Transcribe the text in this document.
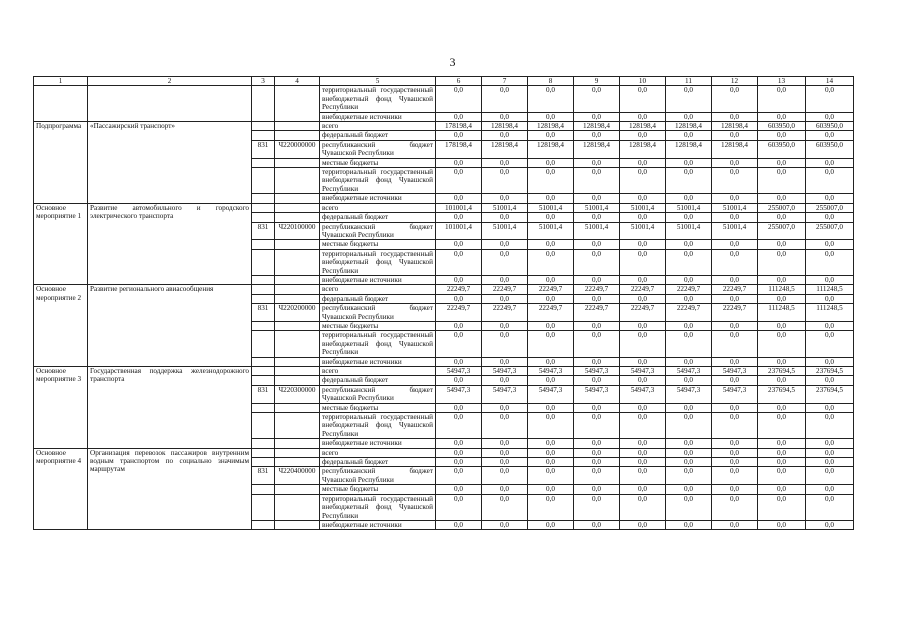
3
1	2	3	4	5	6	7	8	9	10	11	12	13	14
				территориальный государственный внебюджетный фонд Чувашской Республики	0,0	0,0	0,0	0,0	0,0	0,0	0,0	0,0	0,0
				внебюджетные источники	0,0	0,0	0,0	0,0	0,0	0,0	0,0	0,0	0,0
Подпрограмма	«Пассажирский транспорт»			всего	178198,4	128198,4	128198,4	128198,4	128198,4	128198,4	128198,4	603950,0	603950,0
				федеральный бюджет	0,0	0,0	0,0	0,0	0,0	0,0	0,0	0,0	0,0
		831	Ч220000000	республиканский бюджет Чувашской Республики	178198,4	128198,4	128198,4	128198,4	128198,4	128198,4	128198,4	603950,0	603950,0
				местные бюджеты	0,0	0,0	0,0	0,0	0,0	0,0	0,0	0,0	0,0
				территориальный государственный внебюджетный фонд Чувашской Республики	0,0	0,0	0,0	0,0	0,0	0,0	0,0	0,0	0,0
				внебюджетные источники	0,0	0,0	0,0	0,0	0,0	0,0	0,0	0,0	0,0
Основное мероприятие 1	Развитие автомобильного и городского электрического транспорта			всего	101001,4	51001,4	51001,4	51001,4	51001,4	51001,4	51001,4	255007,0	255007,0
				федеральный бюджет	0,0	0,0	0,0	0,0	0,0	0,0	0,0	0,0	0,0
		831	Ч220100000	республиканский бюджет Чувашской Республики	101001,4	51001,4	51001,4	51001,4	51001,4	51001,4	51001,4	255007,0	255007,0
				местные бюджеты	0,0	0,0	0,0	0,0	0,0	0,0	0,0	0,0	0,0
				территориальный государственный внебюджетный фонд Чувашской Республики	0,0	0,0	0,0	0,0	0,0	0,0	0,0	0,0	0,0
				внебюджетные источники	0,0	0,0	0,0	0,0	0,0	0,0	0,0	0,0	0,0
Основное мероприятие 2	Развитие регионального авиасообщения			всего	22249,7	22249,7	22249,7	22249,7	22249,7	22249,7	22249,7	111248,5	111248,5
				федеральный бюджет	0,0	0,0	0,0	0,0	0,0	0,0	0,0	0,0	0,0
		831	Ч220200000	республиканский бюджет Чувашской Республики	22249,7	22249,7	22249,7	22249,7	22249,7	22249,7	22249,7	111248,5	111248,5
				местные бюджеты	0,0	0,0	0,0	0,0	0,0	0,0	0,0	0,0	0,0
				территориальный государственный внебюджетный фонд Чувашской Республики	0,0	0,0	0,0	0,0	0,0	0,0	0,0	0,0	0,0
				внебюджетные источники	0,0	0,0	0,0	0,0	0,0	0,0	0,0	0,0	0,0
Основное мероприятие 3	Государственная поддержка железнодорожного транспорта			всего	54947,3	54947,3	54947,3	54947,3	54947,3	54947,3	54947,3	237694,5	237694,5
				федеральный бюджет	0,0	0,0	0,0	0,0	0,0	0,0	0,0	0,0	0,0
		831	Ч220300000	республиканский бюджет Чувашской Республики	54947,3	54947,3	54947,3	54947,3	54947,3	54947,3	54947,3	237694,5	237694,5
				местные бюджеты	0,0	0,0	0,0	0,0	0,0	0,0	0,0	0,0	0,0
				территориальный государственный внебюджетный фонд Чувашской Республики	0,0	0,0	0,0	0,0	0,0	0,0	0,0	0,0	0,0
				внебюджетные источники	0,0	0,0	0,0	0,0	0,0	0,0	0,0	0,0	0,0
Основное мероприятие 4	Организация перевозок пассажиров внутренним водным транспортом по социально значимым маршрутам			всего	0,0	0,0	0,0	0,0	0,0	0,0	0,0	0,0	0,0
				федеральный бюджет	0,0	0,0	0,0	0,0	0,0	0,0	0,0	0,0	0,0
		831	Ч220400000	республиканский бюджет Чувашской Республики	0,0	0,0	0,0	0,0	0,0	0,0	0,0	0,0	0,0
				местные бюджеты	0,0	0,0	0,0	0,0	0,0	0,0	0,0	0,0	0,0
				территориальный государственный внебюджетный фонд Чувашской Республики	0,0	0,0	0,0	0,0	0,0	0,0	0,0	0,0	0,0
				внебюджетные источники	0,0	0,0	0,0	0,0	0,0	0,0	0,0	0,0	0,0
